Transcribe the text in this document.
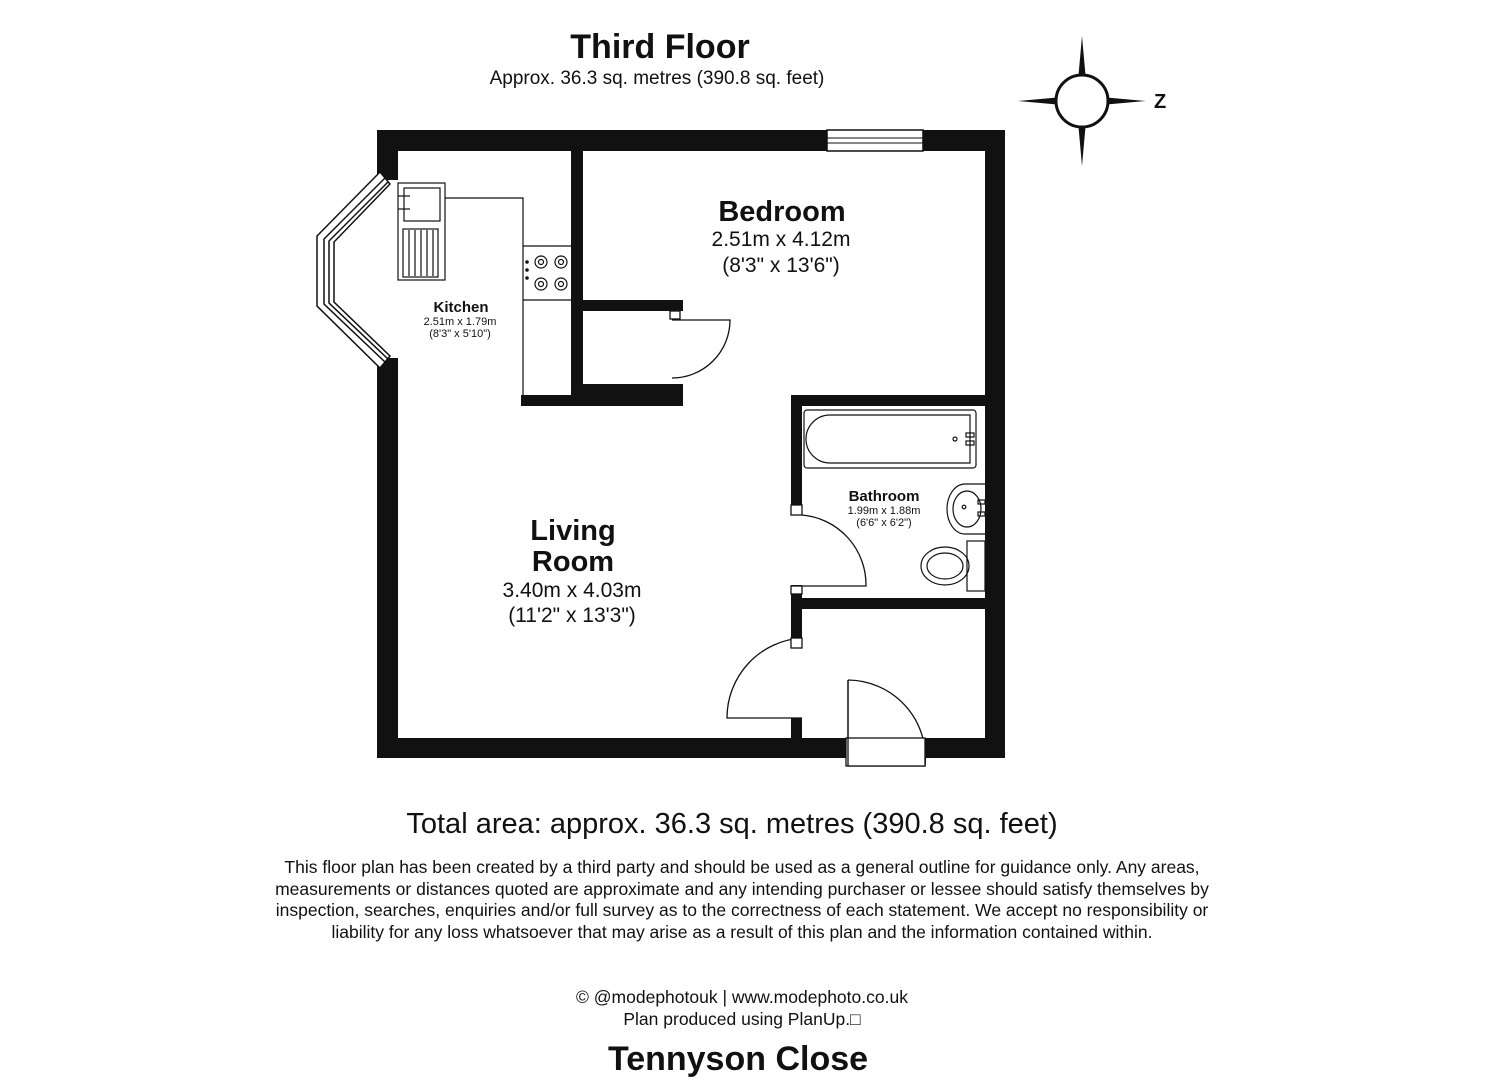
Third Floor
Approx. 36.3 sq. metres (390.8 sq. feet)
Z
Bedroom
2.51m x 4.12m
(8'3" x 13'6")
Kitchen
2.51m x 1.79m
(8'3" x 5'10")
Bathroom
1.99m x 1.88m
(6'6" x 6'2")
Living
Room
3.40m x 4.03m
(11'2" x 13'3")
Total area: approx. 36.3 sq. metres (390.8 sq. feet)
This floor plan has been created by a third party and should be used as a general outline for guidance only. Any areas, measurements or distances quoted are approximate and any intending purchaser or lessee should satisfy themselves by inspection, searches, enquiries and/or full survey as to the correctness of each statement. We accept no responsibility or liability for any loss whatsoever that may arise as a result of this plan and the information contained within.
© @modephotouk | www.modephoto.co.uk
Plan produced using PlanUp.□
Tennyson Close
